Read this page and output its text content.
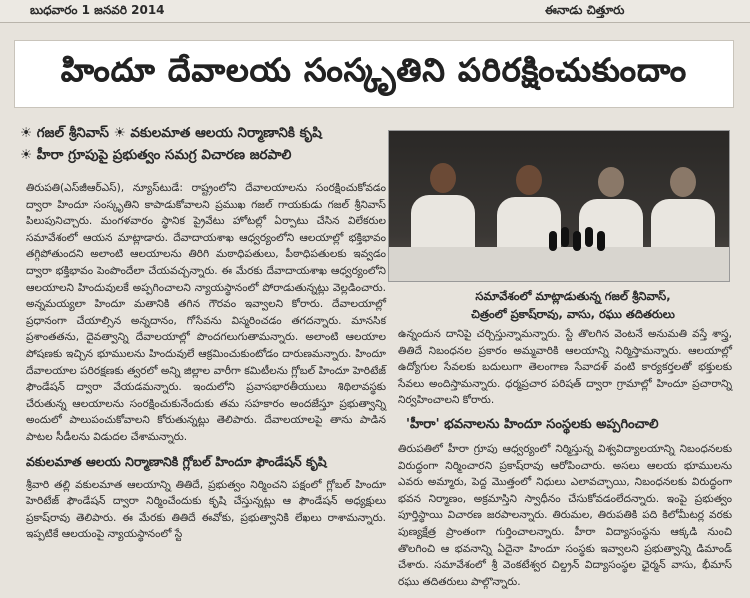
బుధవారం 1 జనవరి 2014	ఈనాడు చిత్తూరు
హిందూ దేవాలయ సంస్కృతిని పరిరక్షించుకుందాం
☀ గజల్ శ్రీనివాస్ ☀ వకులమాత ఆలయ నిర్మాణానికి కృషి
☀ హీరా గ్రూపుపై ప్రభుత్వం సమగ్ర విచారణ జరపాలి

తిరుపతి(ఎస్‌జీఆర్‌ఎస్), న్యూస్‌టుడే: రాష్ట్రంలోని దేవాలయాలను సంరక్షించుకోవడం ద్వారా హిందూ సంస్కృతిని కాపాడుకోవాలని ప్రముఖ గజల్ గాయకుడు గజల్ శ్రీనివాస్ పిలుపునిచ్చారు. మంగళవారం స్థానిక ప్రైవేటు హోటల్లో ఏర్పాటు చేసిన విలేకరుల సమావేశంలో ఆయన మాట్లాడారు. దేవాదాయశాఖ ఆధ్వర్యంలోని ఆలయాల్లో భక్తిభావం తగ్గిపోతుందని అలాంటి ఆలయాలను తిరిగి మఠాధిపతులు, పీఠాధిపతులకు ఇవ్వడం ద్వారా భక్తిభావం పెంపొందేలా చేయవచ్చన్నారు. ఈ మేరకు దేవాదాయశాఖ ఆధ్వర్యంలోని ఆలయాలని హిందువులకే అప్పగించాలని న్యాయస్థానంలో పోరాడుతున్నట్లు వెల్లడించారు. అన్నమయ్యలా హిందూ మతానికి తగిన గౌరవం ఇవ్వాలని కోరారు. దేవాలయాల్లో ప్రధానంగా చేయాల్సిన అన్నదానం, గోసేవను విస్మరించడం తగదన్నారు. మానసిక ప్రశాంతతను, దైవత్వాన్ని దేవాలయాల్లో పొందగలుగుతామన్నారు. అలాంటి ఆలయాల పోషణకు ఇచ్చిన భూములను హిందువులే ఆక్రమించుకుంటోడం దారుణమన్నారు. హిందూ దేవాలయాల పరిరక్షణకు త్వరలో అన్ని జిల్లాల వారీగా కమిటీలను గ్లోబల్ హిందూ హెరిటేజ్ ఫౌండేషన్ ద్వారా వేయడమన్నారు. ఇందులోని ప్రవాసభారతీయులు శిథిలావస్థకు చేరుతున్న ఆలయాలను సంరక్షించుకునేందుకు తమ సహకారం అందజేస్తూ ప్రభుత్వాన్ని అందులో పాలుపంచుకోవాలని కోరుతున్నట్లు తెలిపారు. దేవాలయాలపై తాను పాడిన పాటల సీడీలను విడుదల చేశామన్నారు.

వకులమాత ఆలయ నిర్మాణానికి గ్లోబల్ హిందూ ఫౌండేషన్ కృషి

శ్రీవారి తల్లి వకులమాత ఆలయాన్ని తితిదే, ప్రభుత్వం నిర్మించని పక్షంలో గ్లోబల్ హిందూ హెరిటేజ్ ఫౌండేషన్ ద్వారా నిర్మించేందుకు కృషి చేస్తున్నట్లు ఆ ఫౌండేషన్ అధ్యక్షులు ప్రకాష్‌రావు తెలిపారు. ఈ మేరకు తితిదే ఈవోకు, ప్రభుత్వానికి లేఖలు రాశామన్నారు. ఇప్పటికే ఆలయంపై న్యాయస్థానంలో స్టే

సమావేశంలో మాట్లాడుతున్న గజల్ శ్రీనివాస్,
చిత్రంలో ప్రకాష్‌రావు, వాసు, రఘు తదితరులు

ఉన్నందున దానిపై చర్చిస్తున్నామన్నారు. స్టే తొలగిన వెంటనే అనుమతి వస్తే శాస్త్ర, తితిదే నిబంధనల ప్రకారం అమ్మవారికి ఆలయాన్ని నిర్మిస్తామన్నారు. ఆలయాల్లో ఉద్యోగుల సేవలకు బదులుగా తెలంగాణ సేవాదళ్ వంటి కార్యకర్తలతో భక్తులకు సేవలు అందిస్తామన్నారు. ధర్మప్రచార పరిషత్ ద్వారా గ్రామాల్లో హిందూ ప్రచారాన్ని నిర్వహించాలని కోరారు.

'హీరా' భవనాలను హిందూ సంస్థలకు అప్పగించాలి

తిరుపతిలో హీరా గ్రూపు ఆధ్వర్యంలో నిర్మిస్తున్న విశ్వవిద్యాలయాన్ని నిబంధనలకు విరుద్ధంగా నిర్మించారని ప్రకాష్‌రావు ఆరోపించారు. అసలు ఆలయ భూములను ఎవరు అమ్మారు, పెద్ద మొత్తంలో నిధులు ఎలావచ్చాయి, నిబంధనలకు విరుద్ధంగా భవన నిర్మాణం, అక్రమాస్తిని స్వాధీనం చేసుకోవడంలేదన్నారు. ఇంపై ప్రభుత్వం పూర్తిస్థాయి విచారణ జరపాలన్నారు. తిరుమల, తిరుపతికి పది కిలోమీటర్ల వరకు పుణ్యక్షేత్ర ప్రాంతంగా గుర్తించాలన్నారు. హీరా విద్యాసంస్థను ఆక్కడి నుంచి తొలగించి ఆ భవనాన్ని ఏదైనా హిందూ సంస్థకు ఇవ్వాలని ప్రభుత్వాన్ని డిమాండ్ చేశారు. సమావేశంలో శ్రీ వెంకటేశ్వర చిల్డ్రన్ విద్యాసంస్థల ఛైర్మన్ వాసు, భీమాస్ రఘు తదితరులు పాల్గొన్నారు.
